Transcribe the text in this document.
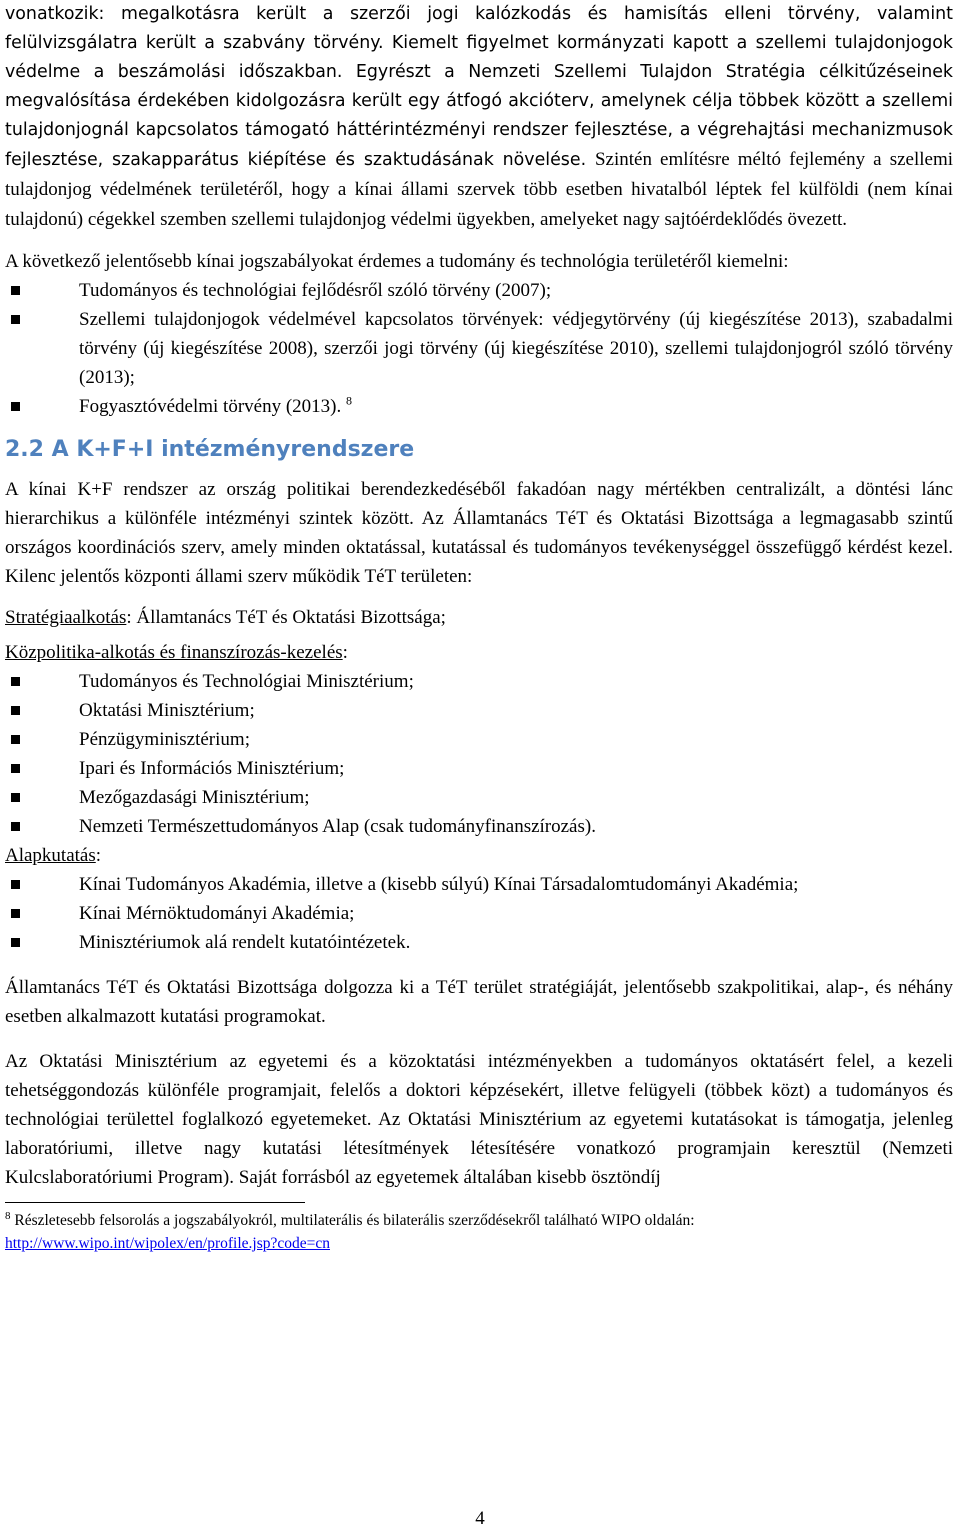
vonatkozik: megalkotásra került a szerzői jogi kalózkodás és hamisítás elleni törvény, valamint felülvizsgálatra került a szabvány törvény. Kiemelt figyelmet kormányzati kapott a szellemi tulajdonjogok védelme a beszámolási időszakban. Egyrészt a Nemzeti Szellemi Tulajdon Stratégia célkitűzéseinek megvalósítása érdekében kidolgozásra került egy átfogó akcióterv, amelynek célja többek között a szellemi tulajdonjognál kapcsolatos támogató háttérintézményi rendszer fejlesztése, a végrehajtási mechanizmusok fejlesztése, szakapparátus kiépítése és szaktudásának növelése. Szintén említésre méltó fejlemény a szellemi tulajdonjog védelmének területéről, hogy a kínai állami szervek több esetben hivatalból léptek fel külföldi (nem kínai tulajdonú) cégekkel szemben szellemi tulajdonjog védelmi ügyekben, amelyeket nagy sajtóérdeklődés övezett.

A következő jelentősebb kínai jogszabályokat érdemes a tudomány és technológia területéről kiemelni:

Tudományos és technológiai fejlődésről szóló törvény (2007);
Szellemi tulajdonjogok védelmével kapcsolatos törvények: védjegytörvény (új kiegészítése 2013), szabadalmi törvény (új kiegészítése 2008), szerzői jogi törvény (új kiegészítése 2010), szellemi tulajdonjogról szóló törvény (2013);
Fogyasztóvédelmi törvény (2013). $^8$
2.2 A K+F+I intézményrendszere

A kínai K+F rendszer az ország politikai berendezkedéséből fakadóan nagy mértékben centralizált, a döntési lánc hierarchikus a különféle intézményi szintek között. Az Államtanács TéT és Oktatási Bizottsága a legmagasabb szintű országos koordinációs szerv, amely minden oktatással, kutatással és tudományos tevékenységgel összefüggő kérdést kezel. Kilenc jelentős központi állami szerv működik TéT területen:

Stratégiaalkotás: Államtanács TéT és Oktatási Bizottsága;

Közpolitika-alkotás és finanszírozás-kezelés:

Tudományos és Technológiai Minisztérium;
Oktatási Minisztérium;
Pénzügyminisztérium;
Ipari és Információs Minisztérium;
Mezőgazdasági Minisztérium;
Nemzeti Természettudományos Alap (csak tudományfinanszírozás).

Alapkutatás:

Kínai Tudományos Akadémia, illetve a (kisebb súlyú) Kínai Társadalomtudományi Akadémia;
Kínai Mérnöktudományi Akadémia;
Minisztériumok alá rendelt kutatóintézetek.

Államtanács TéT és Oktatási Bizottsága dolgozza ki a TéT terület stratégiáját, jelentősebb szakpolitikai, alap-, és néhány esetben alkalmazott kutatási programokat.

Az Oktatási Minisztérium az egyetemi és a közoktatási intézményekben a tudományos oktatásért felel, a kezeli tehetséggondozás különféle programjait, felelős a doktori képzésekért, illetve felügyeli (többek közt) a tudományos és technológiai területtel foglalkozó egyetemeket. Az Oktatási Minisztérium az egyetemi kutatásokat is támogatja, jelenleg laboratóriumi, illetve nagy kutatási létesítmények létesítésére vonatkozó programjain keresztül (Nemzeti Kulcslaboratóriumi Program). Saját forrásból az egyetemek általában kisebb ösztöndíj

$^8$ Részletesebb felsorolás a jogszabályokról, multilaterális és bilaterális szerződésekről található WIPO oldalán:
http://www.wipo.int/wipolex/en/profile.jsp?code=cn
4
